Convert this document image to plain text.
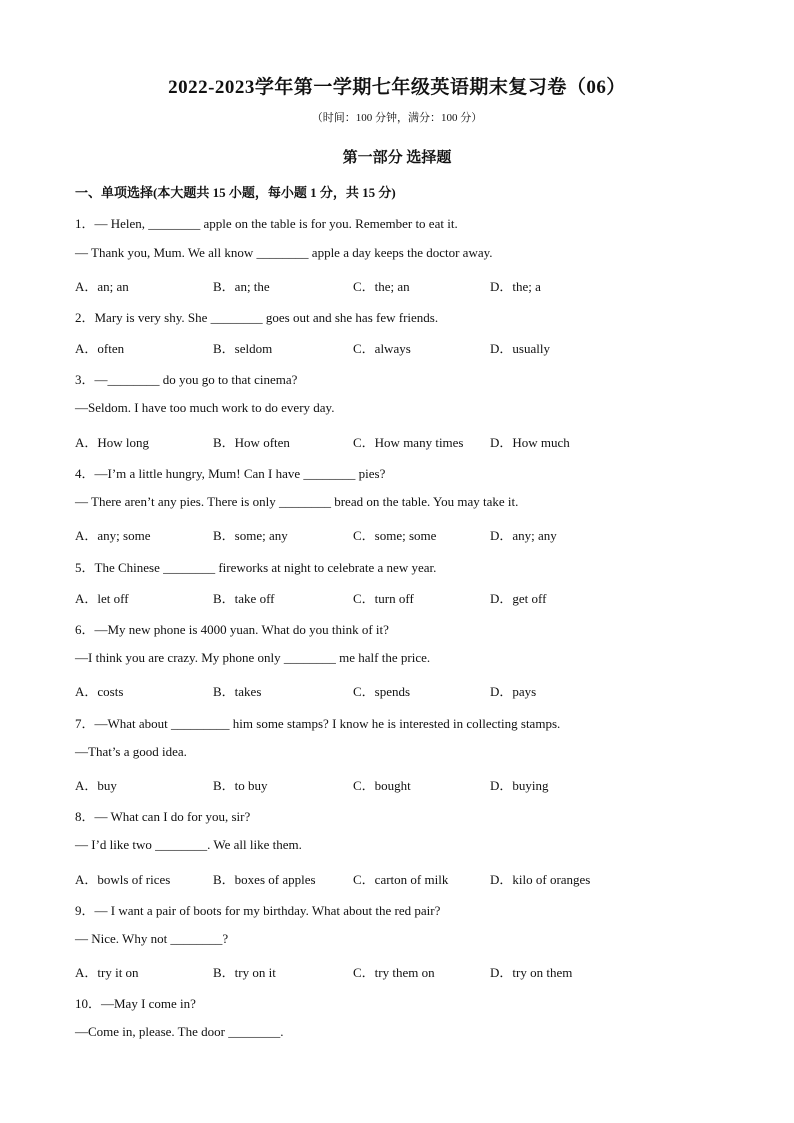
2022-2023学年第一学期七年级英语期末复习卷（06）
（时间：100 分钟，满分：100 分）
第一部分 选择题
一、单项选择(本大题共 15 小题，每小题 1 分，共 15 分)
1．— Helen, ________ apple on the table is for you. Remember to eat it.
— Thank you, Mum. We all know ________ apple a day keeps the doctor away.
A．an; an	B．an; the	C．the; an	D．the; a
2．Mary is very shy. She ________ goes out and she has few friends.
A．often	B．seldom	C．always	D．usually
3．—________ do you go to that cinema?
—Seldom. I have too much work to do every day.
A．How long	B．How often	C．How many times D．How much
4．—I’m a little hungry, Mum! Can I have ________ pies?
— There aren’t any pies. There is only ________ bread on the table. You may take it.
A．any; some	B．some; any	C．some; some	D．any; any
5．The Chinese ________ fireworks at night to celebrate a new year.
A．let off	B．take off	C．turn off	D．get off
6．—My new phone is 4000 yuan. What do you think of it?
—I think you are crazy. My phone only ________ me half the price.
A．costs	B．takes	C．spends	D．pays
7．—What about _________ him some stamps? I know he is interested in collecting stamps.
—That’s a good idea.
A．buy	B．to buy	C．bought	D．buying
8．— What can I do for you, sir?
— I’d like two ________. We all like them.
A．bowls of rices	B．boxes of apples	C．carton of milk	D．kilo of oranges
9．— I want a pair of boots for my birthday. What about the red pair?
— Nice. Why not ________?
A．try it on	B．try on it	C．try them on	D．try on them
10．—May I come in?
—Come in, please. The door ________.
